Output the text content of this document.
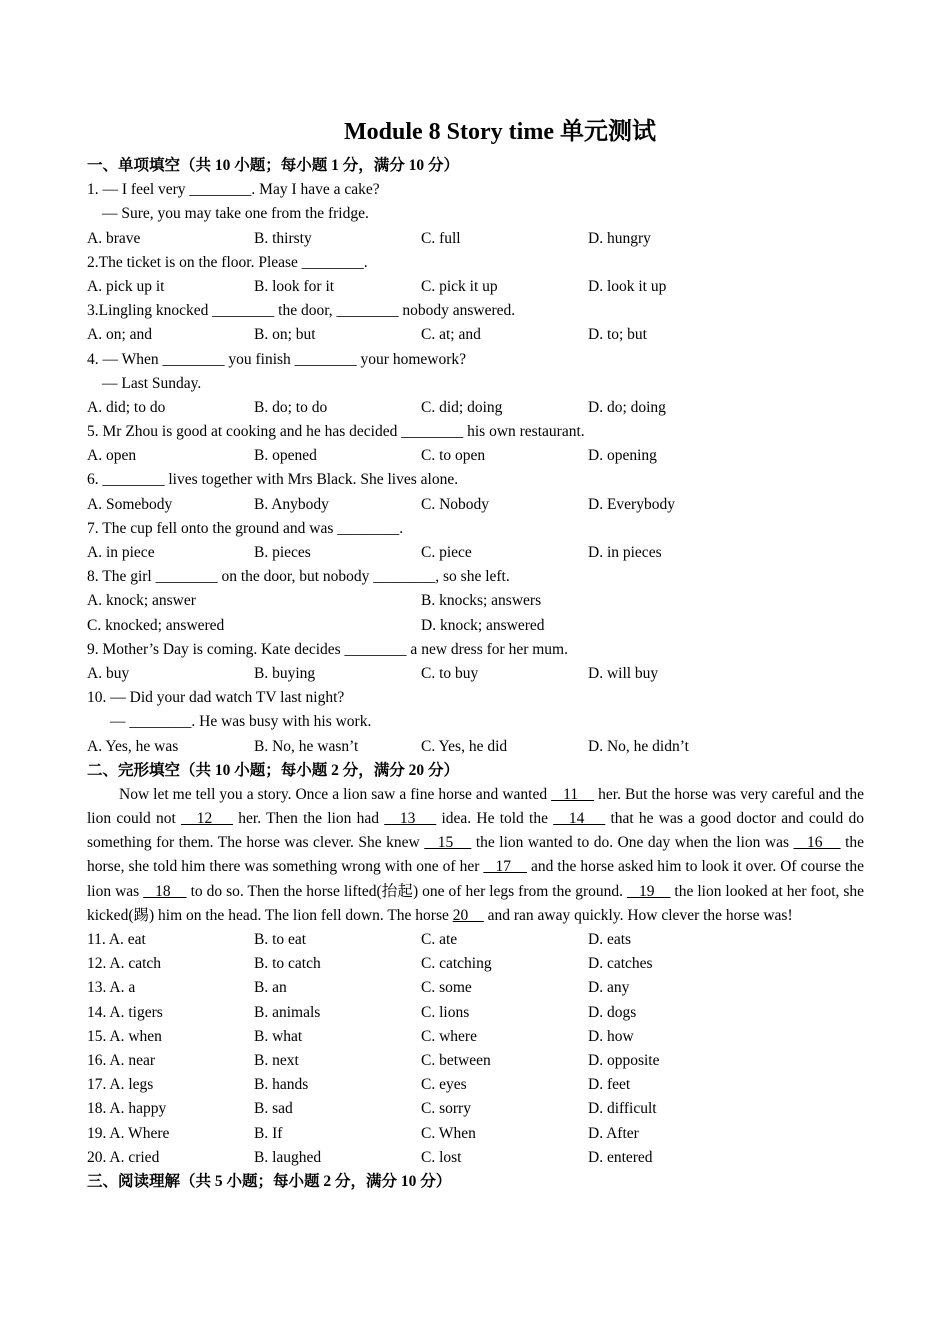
Module 8 Story time 单元测试
一、单项填空（共 10 小题；每小题 1 分，满分 10 分）
1. — I feel very ________. May I have a cake?
— Sure, you may take one from the fridge.
A. brave	B. thirsty	C. full	D. hungry
2.The ticket is on the floor. Please ________.
A. pick up it	B. look for it	C. pick it up	D. look it up
3.Lingling knocked ________ the door, ________ nobody answered.
A. on; and	B. on; but	C. at; and	D. to; but
4. — When ________ you finish ________ your homework?
— Last Sunday.
A. did; to do	B. do; to do	C. did; doing	D. do; doing
5. Mr Zhou is good at cooking and he has decided ________ his own restaurant.
A. open	B. opened	C. to open	D. opening
6. ________ lives together with Mrs Black. She lives alone.
A. Somebody	B. Anybody	C. Nobody	D. Everybody
7. The cup fell onto the ground and was ________.
A. in piece	B. pieces	C. piece	D. in pieces
8. The girl ________ on the door, but nobody ________, so she left.
A. knock; answer	B. knocks; answers
C. knocked; answered	D. knock; answered
9. Mother’s Day is coming. Kate decides ________ a new dress for her mum.
A. buy	B. buying	C. to buy	D. will buy
10. — Did your dad watch TV last night?
— ________. He was busy with his work.
A. Yes, he was	B. No, he wasn’t	C. Yes, he did	D. No, he didn’t
二、完形填空（共 10 小题；每小题 2 分，满分 20 分）

Now let me tell you a story. Once a lion saw a fine horse and wanted    11     her. But the horse was very careful and the lion could not    12     her. Then the lion had    13     idea. He told the    14     that he was a good doctor and could do something for them. The horse was clever. She knew    15     the lion wanted to do. One day when the lion was    16     the horse, she told him there was something wrong with one of her    17     and the horse asked him to look it over. Of course the lion was    18     to do so. Then the horse lifted(抬起) one of her legs from the ground.    19     the lion looked at her foot, she kicked(踢) him on the head. The lion fell down. The horse 20     and ran away quickly. How clever the horse was!

11. A. eat	B. to eat	C. ate	D. eats
12. A. catch	B. to catch	C. catching	D. catches
13. A. a	B. an	C. some	D. any
14. A. tigers	B. animals	C. lions	D. dogs
15. A. when	B. what	C. where	D. how
16. A. near	B. next	C. between	D. opposite
17. A. legs	B. hands	C. eyes	D. feet
18. A. happy	B. sad	C. sorry	D. difficult
19. A. Where	B. If	C. When	D. After
20. A. cried	B. laughed	C. lost	D. entered
三、阅读理解（共 5 小题；每小题 2 分，满分 10 分）
